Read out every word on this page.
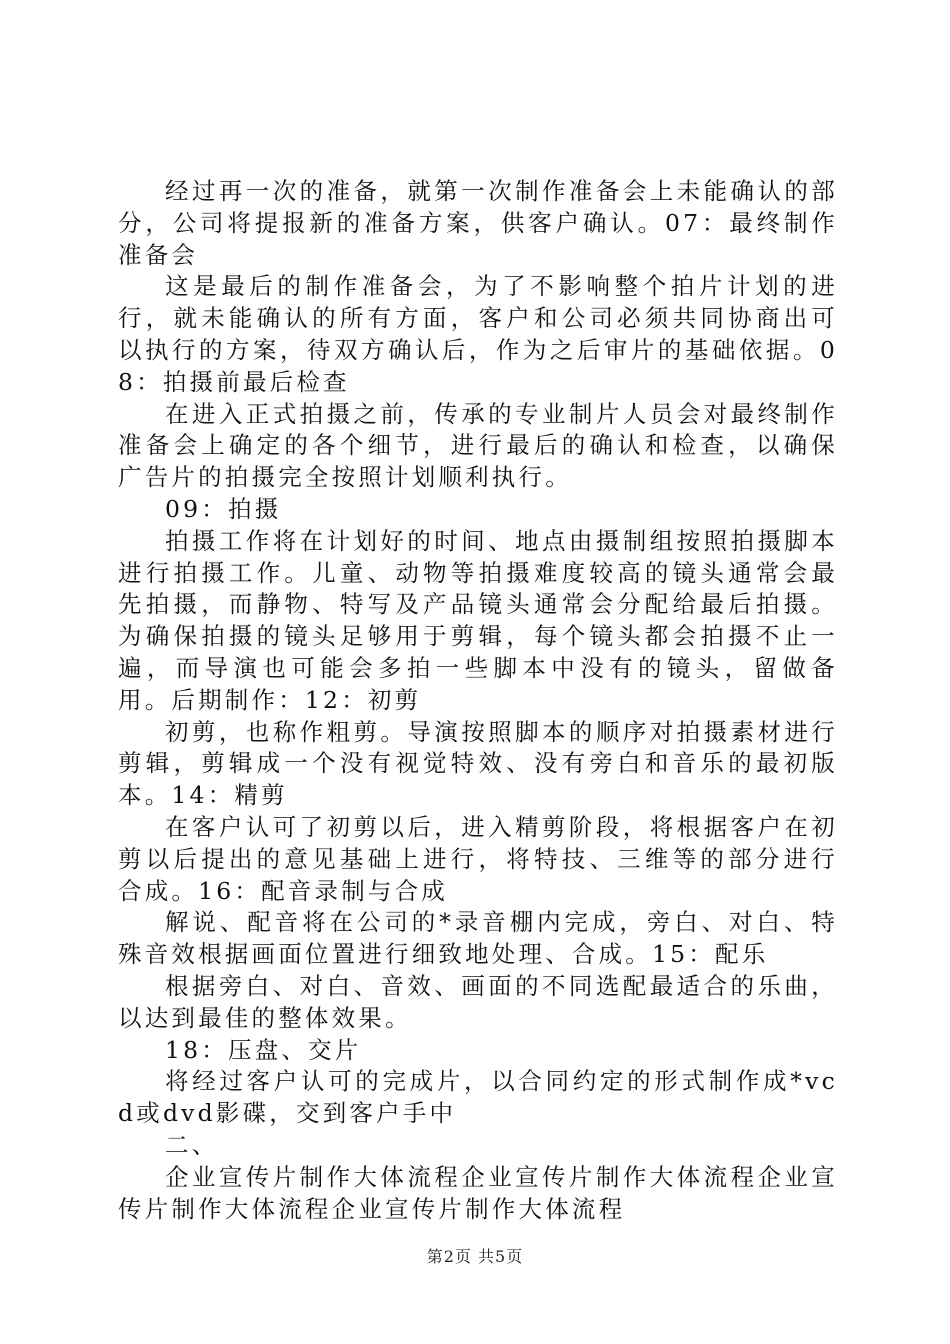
经过再一次的准备，就第一次制作准备会上未能确认的部分，公司将提报新的准备方案，供客户确认。07：最终制作准备会

这是最后的制作准备会，为了不影响整个拍片计划的进行，就未能确认的所有方面，客户和公司必须共同协商出可以执行的方案，待双方确认后，作为之后审片的基础依据。08：拍摄前最后检查

在进入正式拍摄之前，传承的专业制片人员会对最终制作准备会上确定的各个细节，进行最后的确认和检查，以确保广告片的拍摄完全按照计划顺利执行。

09：拍摄

拍摄工作将在计划好的时间、地点由摄制组按照拍摄脚本进行拍摄工作。儿童、动物等拍摄难度较高的镜头通常会最先拍摄，而静物、特写及产品镜头通常会分配给最后拍摄。为确保拍摄的镜头足够用于剪辑，每个镜头都会拍摄不止一遍，而导演也可能会多拍一些脚本中没有的镜头，留做备用。后期制作：12：初剪

初剪，也称作粗剪。导演按照脚本的顺序对拍摄素材进行剪辑，剪辑成一个没有视觉特效、没有旁白和音乐的最初版本。14：精剪

在客户认可了初剪以后，进入精剪阶段，将根据客户在初剪以后提出的意见基础上进行，将特技、三维等的部分进行合成。16：配音录制与合成

解说、配音将在公司的*录音棚内完成，旁白、对白、特殊音效根据画面位置进行细致地处理、合成。15：配乐

根据旁白、对白、音效、画面的不同选配最适合的乐曲，以达到最佳的整体效果。

18：压盘、交片

将经过客户认可的完成片，以合同约定的形式制作成*vcd或dvd影碟，交到客户手中

二、

企业宣传片制作大体流程企业宣传片制作大体流程企业宣传片制作大体流程企业宣传片制作大体流程

第2页 共5页
